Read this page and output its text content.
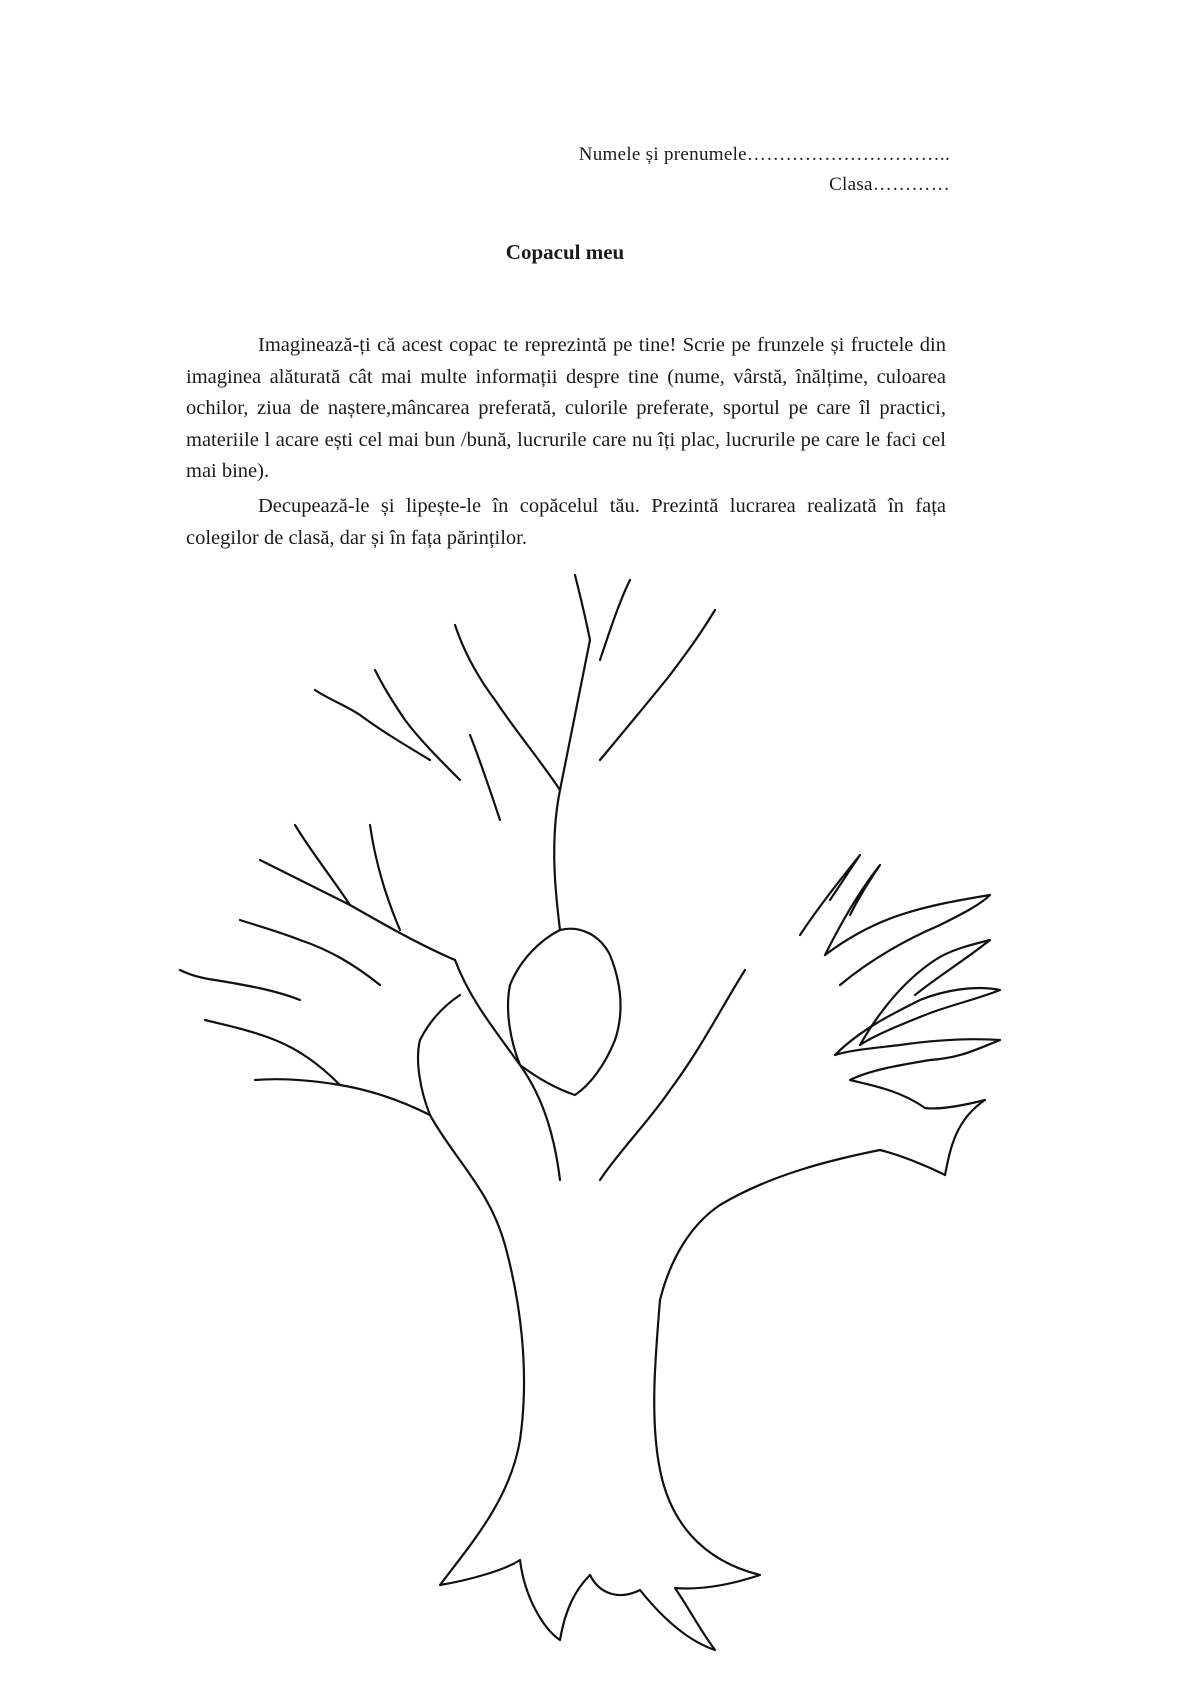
Numele și prenumele…………………………..
Clasa…………
Copacul meu

Imaginează-ți că acest copac te reprezintă pe tine! Scrie pe frunzele și fructele din imaginea alăturată cât mai multe informații despre tine (nume, vârstă, înălțime, culoarea ochilor, ziua de naștere,mâncarea preferată, culorile preferate, sportul pe care îl practici, materiile l acare ești cel mai bun /bună, lucrurile care nu îți plac, lucrurile pe care le faci cel mai bine).

Decupează-le și lipește-le în copăcelul tău. Prezintă lucrarea realizată în fața colegilor de clasă, dar și în fața părinților.
